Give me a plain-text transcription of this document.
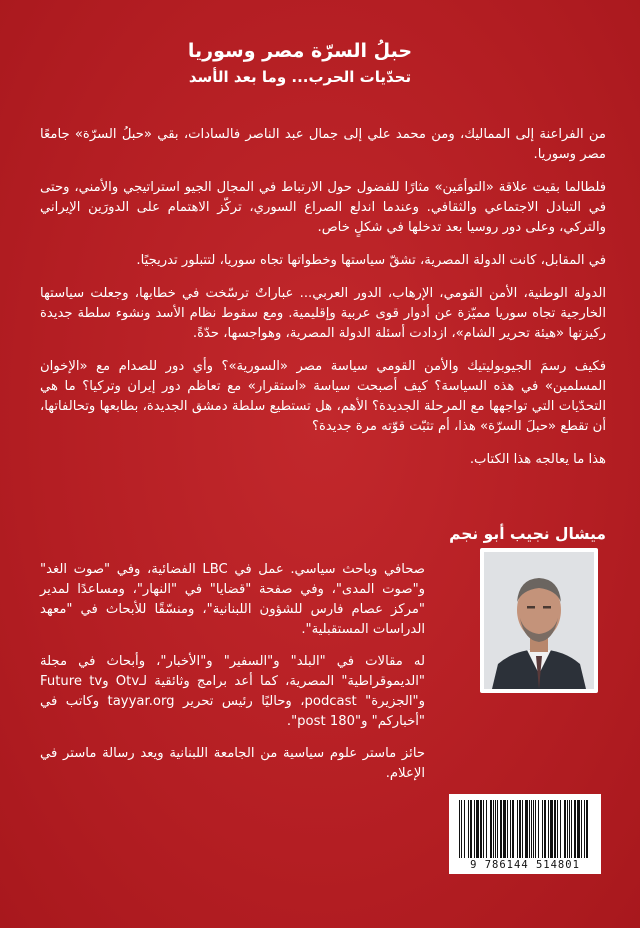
حبلُ السرّة مصر وسوريا
تحدّيات الحرب... وما بعد الأسد

من الفراعنة إلى المماليك، ومن محمد علي إلى جمال عبد الناصر فالسادات، بقي «حبلُ السرّة» جامعًا مصر وسوريا.

فلطالما بقيت علاقة «التوأمَين» مثارًا للفضول حول الارتباط في المجال الجيو استراتيجي والأمني، وحتى في التبادل الاجتماعي والثقافي. وعندما اندلع الصراع السوري، تركّز الاهتمام على الدورَين الإيراني والتركي، وعلى دور روسيا بعد تدخلها في شكلٍ خاص.

في المقابل، كانت الدولة المصرية، تشقّ سياستها وخطواتها تجاه سوريا، لتتبلور تدريجيًا.

الدولة الوطنية، الأمن القومي، الإرهاب، الدور العربي... عباراتٌ ترسّخت في خطابها، وجعلت سياستها الخارجية تجاه سوريا مميّزة عن أدوار قوى عربية وإقليمية. ومع سقوط نظام الأسد ونشوء سلطة جديدة ركيزتها «هيئة تحرير الشام»، ازدادت أسئلة الدولة المصرية، وهواجسها، حدّةً.

فكيف رسمَ الجيوبوليتيك والأمن القومي سياسة مصر «السورية»؟ وأي دور للصدام مع «الإخوان المسلمين» في هذه السياسة؟ كيف أصبحت سياسة «استقرار» مع تعاظم دور إيران وتركيا؟ ما هي التحدّيات التي تواجهها مع المرحلة الجديدة؟ الأهم، هل تستطيع سلطة دمشق الجديدة، بطابعها وتحالفاتها، أن تقطع «حبلَ السرّة» هذا، أم تثبّت قوّته مرة جديدة؟

هذا ما يعالجه هذا الكتاب.

ميشال نجيب أبو نجم

صحافي وباحث سياسي. عمل في LBC الفضائية، وفي "صوت الغد" و"صوت المدى"، وفي صفحة "قضايا" في "النهار"، ومساعدًا لمدير "مركز عصام فارس للشؤون اللبنانية"، ومنسّقًا للأبحاث في "معهد الدراسات المستقبلية".

له مقالات في "البلد" و"السفير" و"الأخبار"، وأبحاث في مجلة "الديموقراطية" المصرية، كما أعد برامج وثائقية لـOtv وFuture tv و"الجزيرة" podcast، وحاليًا رئيس تحرير tayyar.org وكاتب في "أخباركم" و"180 post".

حائز ماستر علوم سياسية من الجامعة اللبنانية ويعد رسالة ماستر في الإعلام.

9 786144 514801
